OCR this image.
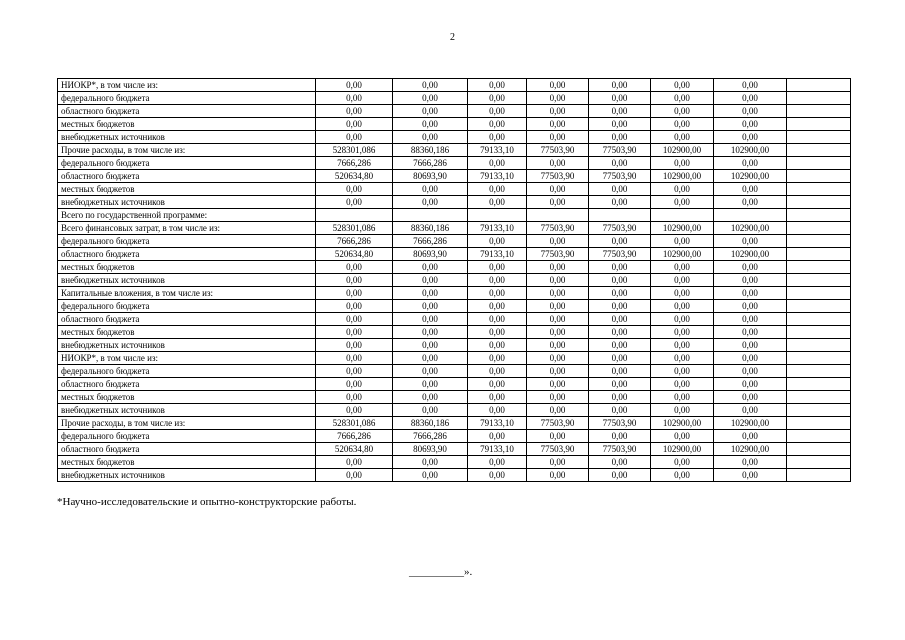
2
НИОКР*, в том числе из:	0,00	0,00	0,00	0,00	0,00	0,00	0,00	
федерального бюджета	0,00	0,00	0,00	0,00	0,00	0,00	0,00	
областного бюджета	0,00	0,00	0,00	0,00	0,00	0,00	0,00	
местных бюджетов	0,00	0,00	0,00	0,00	0,00	0,00	0,00	
внебюджетных источников	0,00	0,00	0,00	0,00	0,00	0,00	0,00	
Прочие расходы, в том числе из:	528301,086	88360,186	79133,10	77503,90	77503,90	102900,00	102900,00	
федерального бюджета	7666,286	7666,286	0,00	0,00	0,00	0,00	0,00	
областного бюджета	520634,80	80693,90	79133,10	77503,90	77503,90	102900,00	102900,00	
местных бюджетов	0,00	0,00	0,00	0,00	0,00	0,00	0,00	
внебюджетных источников	0,00	0,00	0,00	0,00	0,00	0,00	0,00	
Всего по государственной программе:								
Всего финансовых затрат, в том числе из:	528301,086	88360,186	79133,10	77503,90	77503,90	102900,00	102900,00	
федерального бюджета	7666,286	7666,286	0,00	0,00	0,00	0,00	0,00	
областного бюджета	520634,80	80693,90	79133,10	77503,90	77503,90	102900,00	102900,00	
местных бюджетов	0,00	0,00	0,00	0,00	0,00	0,00	0,00	
внебюджетных источников	0,00	0,00	0,00	0,00	0,00	0,00	0,00	
Капитальные вложения, в том числе из:	0,00	0,00	0,00	0,00	0,00	0,00	0,00	
федерального бюджета	0,00	0,00	0,00	0,00	0,00	0,00	0,00	
областного бюджета	0,00	0,00	0,00	0,00	0,00	0,00	0,00	
местных бюджетов	0,00	0,00	0,00	0,00	0,00	0,00	0,00	
внебюджетных источников	0,00	0,00	0,00	0,00	0,00	0,00	0,00	
НИОКР*, в том числе из:	0,00	0,00	0,00	0,00	0,00	0,00	0,00	
федерального бюджета	0,00	0,00	0,00	0,00	0,00	0,00	0,00	
областного бюджета	0,00	0,00	0,00	0,00	0,00	0,00	0,00	
местных бюджетов	0,00	0,00	0,00	0,00	0,00	0,00	0,00	
внебюджетных источников	0,00	0,00	0,00	0,00	0,00	0,00	0,00	
Прочие расходы, в том числе из:	528301,086	88360,186	79133,10	77503,90	77503,90	102900,00	102900,00	
федерального бюджета	7666,286	7666,286	0,00	0,00	0,00	0,00	0,00	
областного бюджета	520634,80	80693,90	79133,10	77503,90	77503,90	102900,00	102900,00	
местных бюджетов	0,00	0,00	0,00	0,00	0,00	0,00	0,00	
внебюджетных источников	0,00	0,00	0,00	0,00	0,00	0,00	0,00	
*Научно-исследовательские и опытно-конструкторские работы.
__________».
